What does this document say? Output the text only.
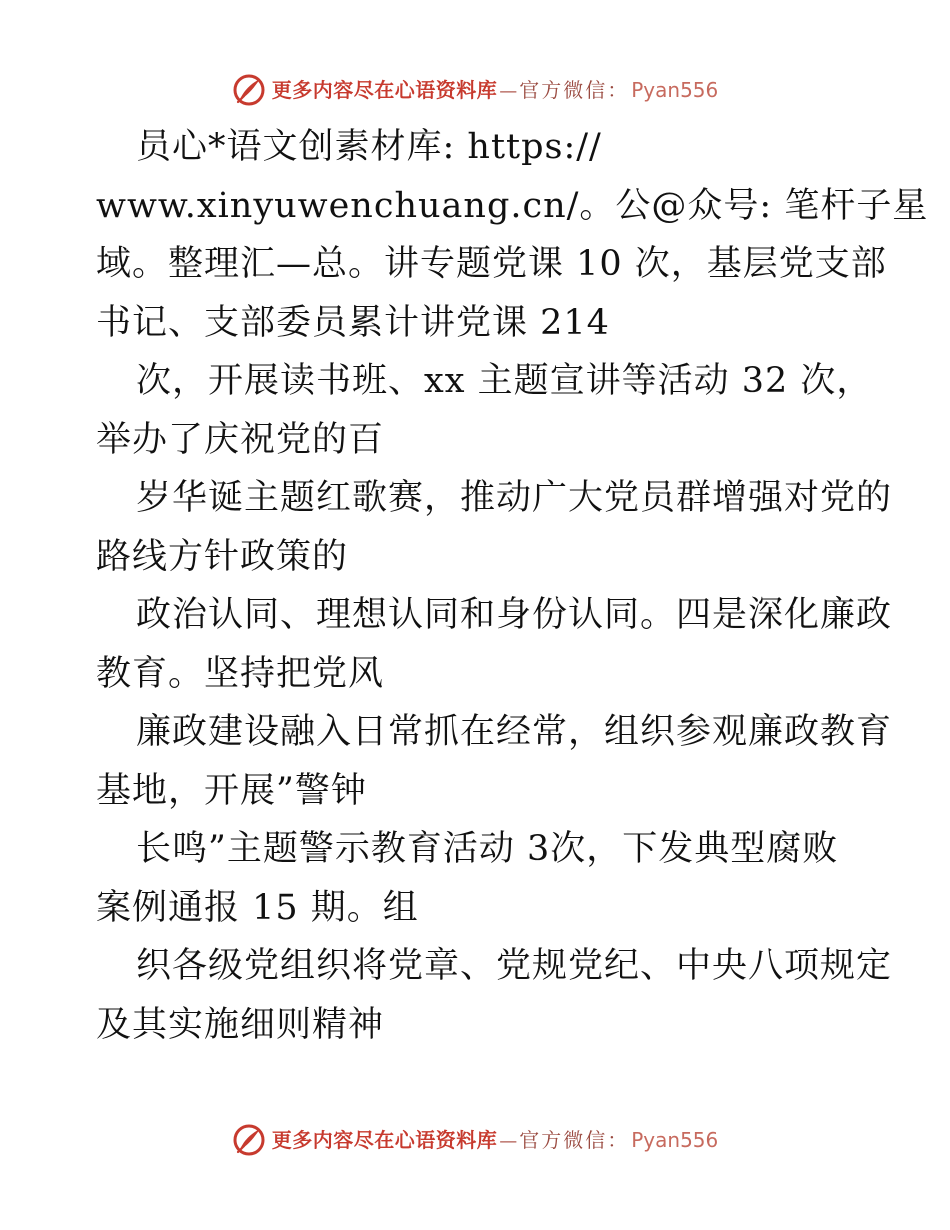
更多内容尽在心语资料库 — 官方微信： Pyan556
员心*语文创素材库: https://
www.xinyuwenchuang.cn/。公@众号: 笔杆子星
域。整理汇—总。讲专题党课 10 次，基层党支部
书记、支部委员累计讲党课 214
次，开展读书班、xx 主题宣讲等活动 32 次，
举办了庆祝党的百
岁华诞主题红歌赛，推动广大党员群增强对党的
路线方针政策的
政治认同、理想认同和身份认同。四是深化廉政
教育。坚持把党风
廉政建设融入日常抓在经常，组织参观廉政教育
基地，开展”警钟
长鸣”主题警示教育活动 3次，下发典型腐败
案例通报 15 期。组
织各级党组织将党章、党规党纪、中央八项规定
及其实施细则精神
更多内容尽在心语资料库 — 官方微信： Pyan556
